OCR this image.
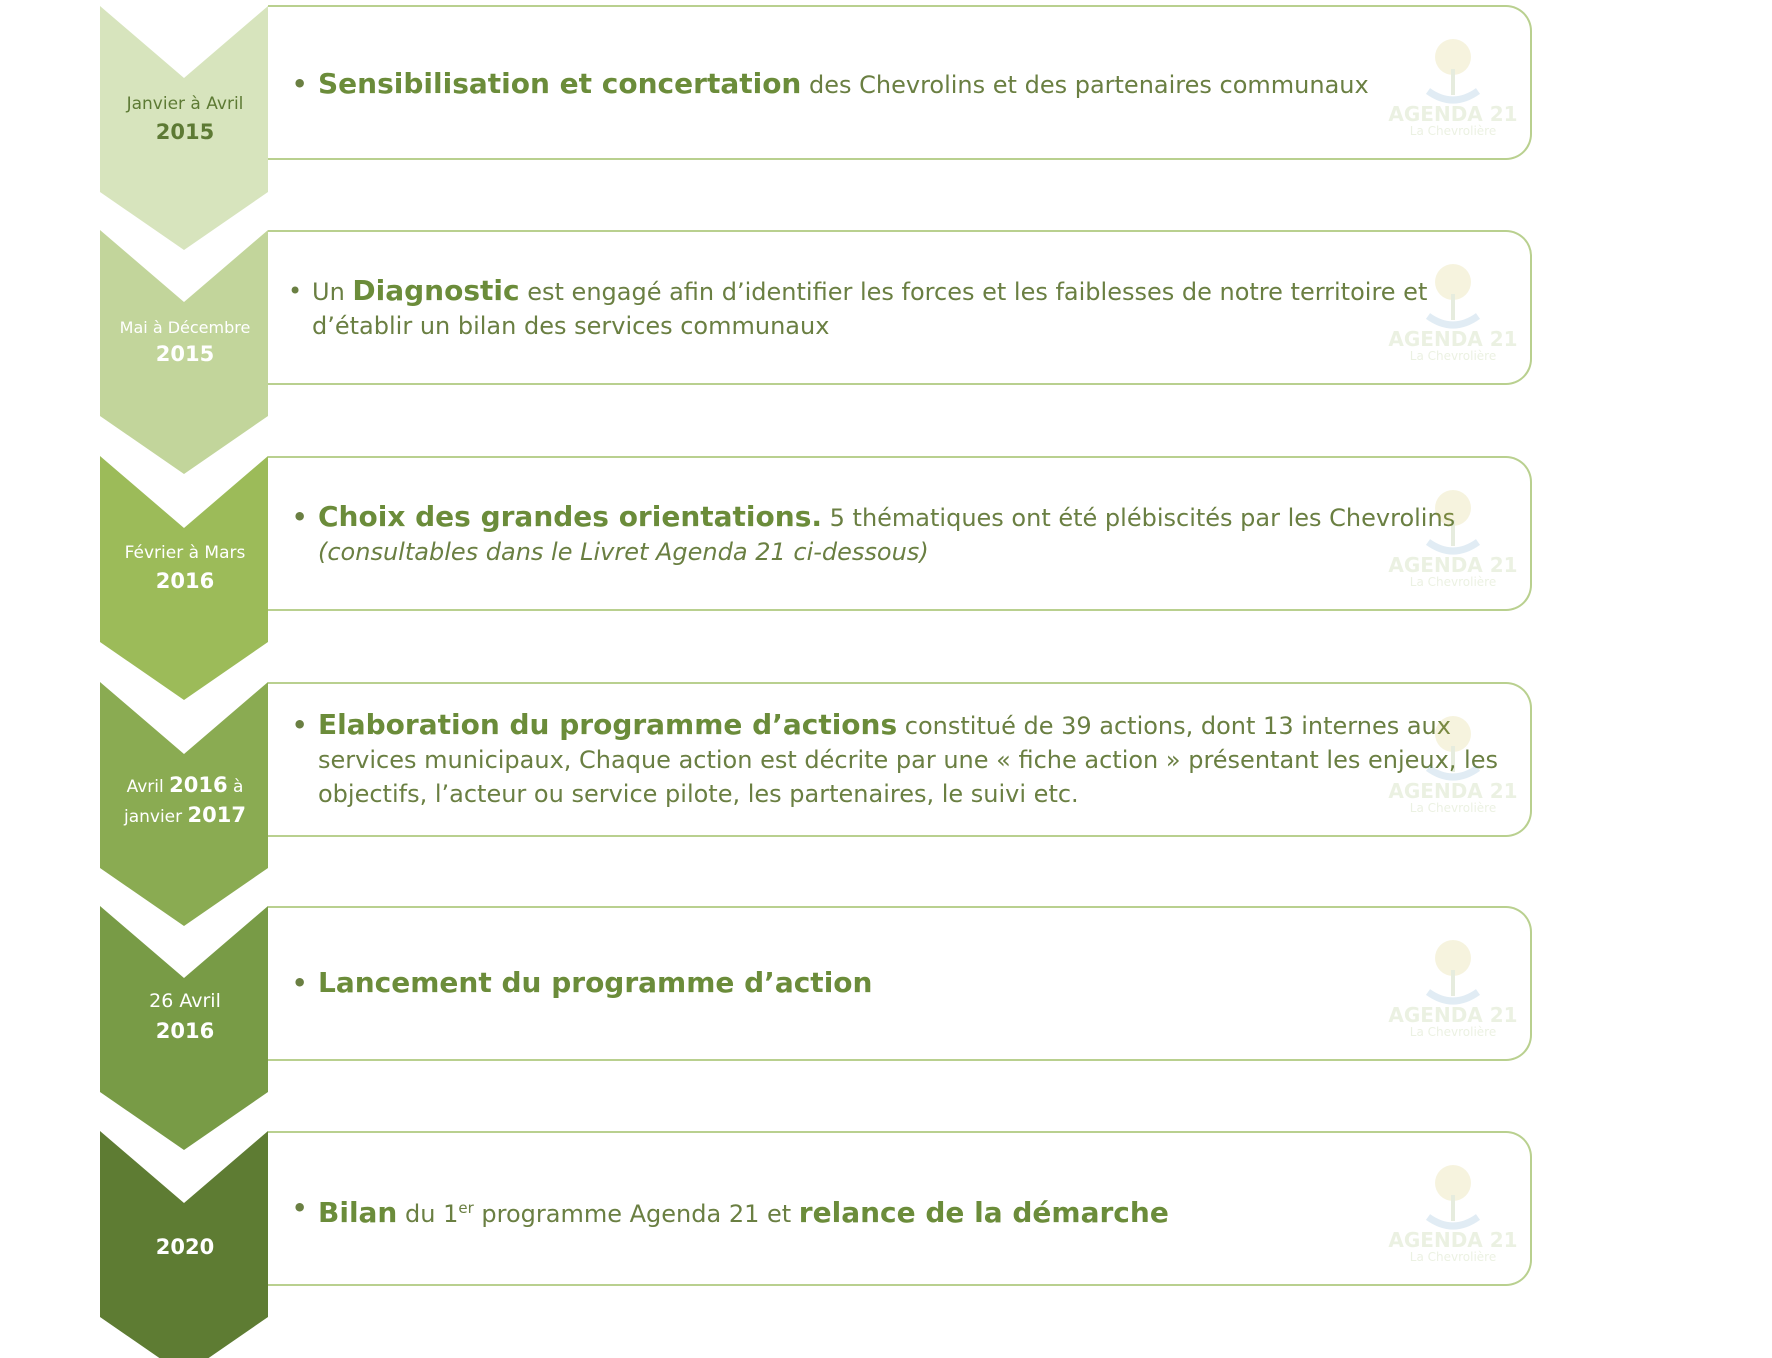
Janvier à Avril
2015
• Sensibilisation et concertation des Chevrolins et des partenaires communaux
AGENDA 21
La Chevrolière
Mai à Décembre
2015
• Un Diagnostic est engagé afin d’identifier les forces et les faiblesses de notre territoire et d’établir un bilan des services communaux	AGENDA 21
La Chevrolière
Février à Mars
2016
• Choix des grandes orientations. 5 thématiques ont été plébiscités par les Chevrolins
(consultables dans le Livret Agenda 21 ci-dessous)	AGENDA 21
La Chevrolière
Avril 2016 à
janvier 2017
• Elaboration du programme d’actions constitué de 39 actions, dont 13 internes aux services municipaux, Chaque action est décrite par une « fiche action » présentant les enjeux, les objectifs, l’acteur ou service pilote, les partenaires, le suivi etc.	AGENDA 21
La Chevrolière
26 Avril
2016
• Lancement du programme d’action
AGENDA 21
La Chevrolière
2020
• Bilan du 1er programme Agenda 21 et relance de la démarche
AGENDA 21
La Chevrolière
